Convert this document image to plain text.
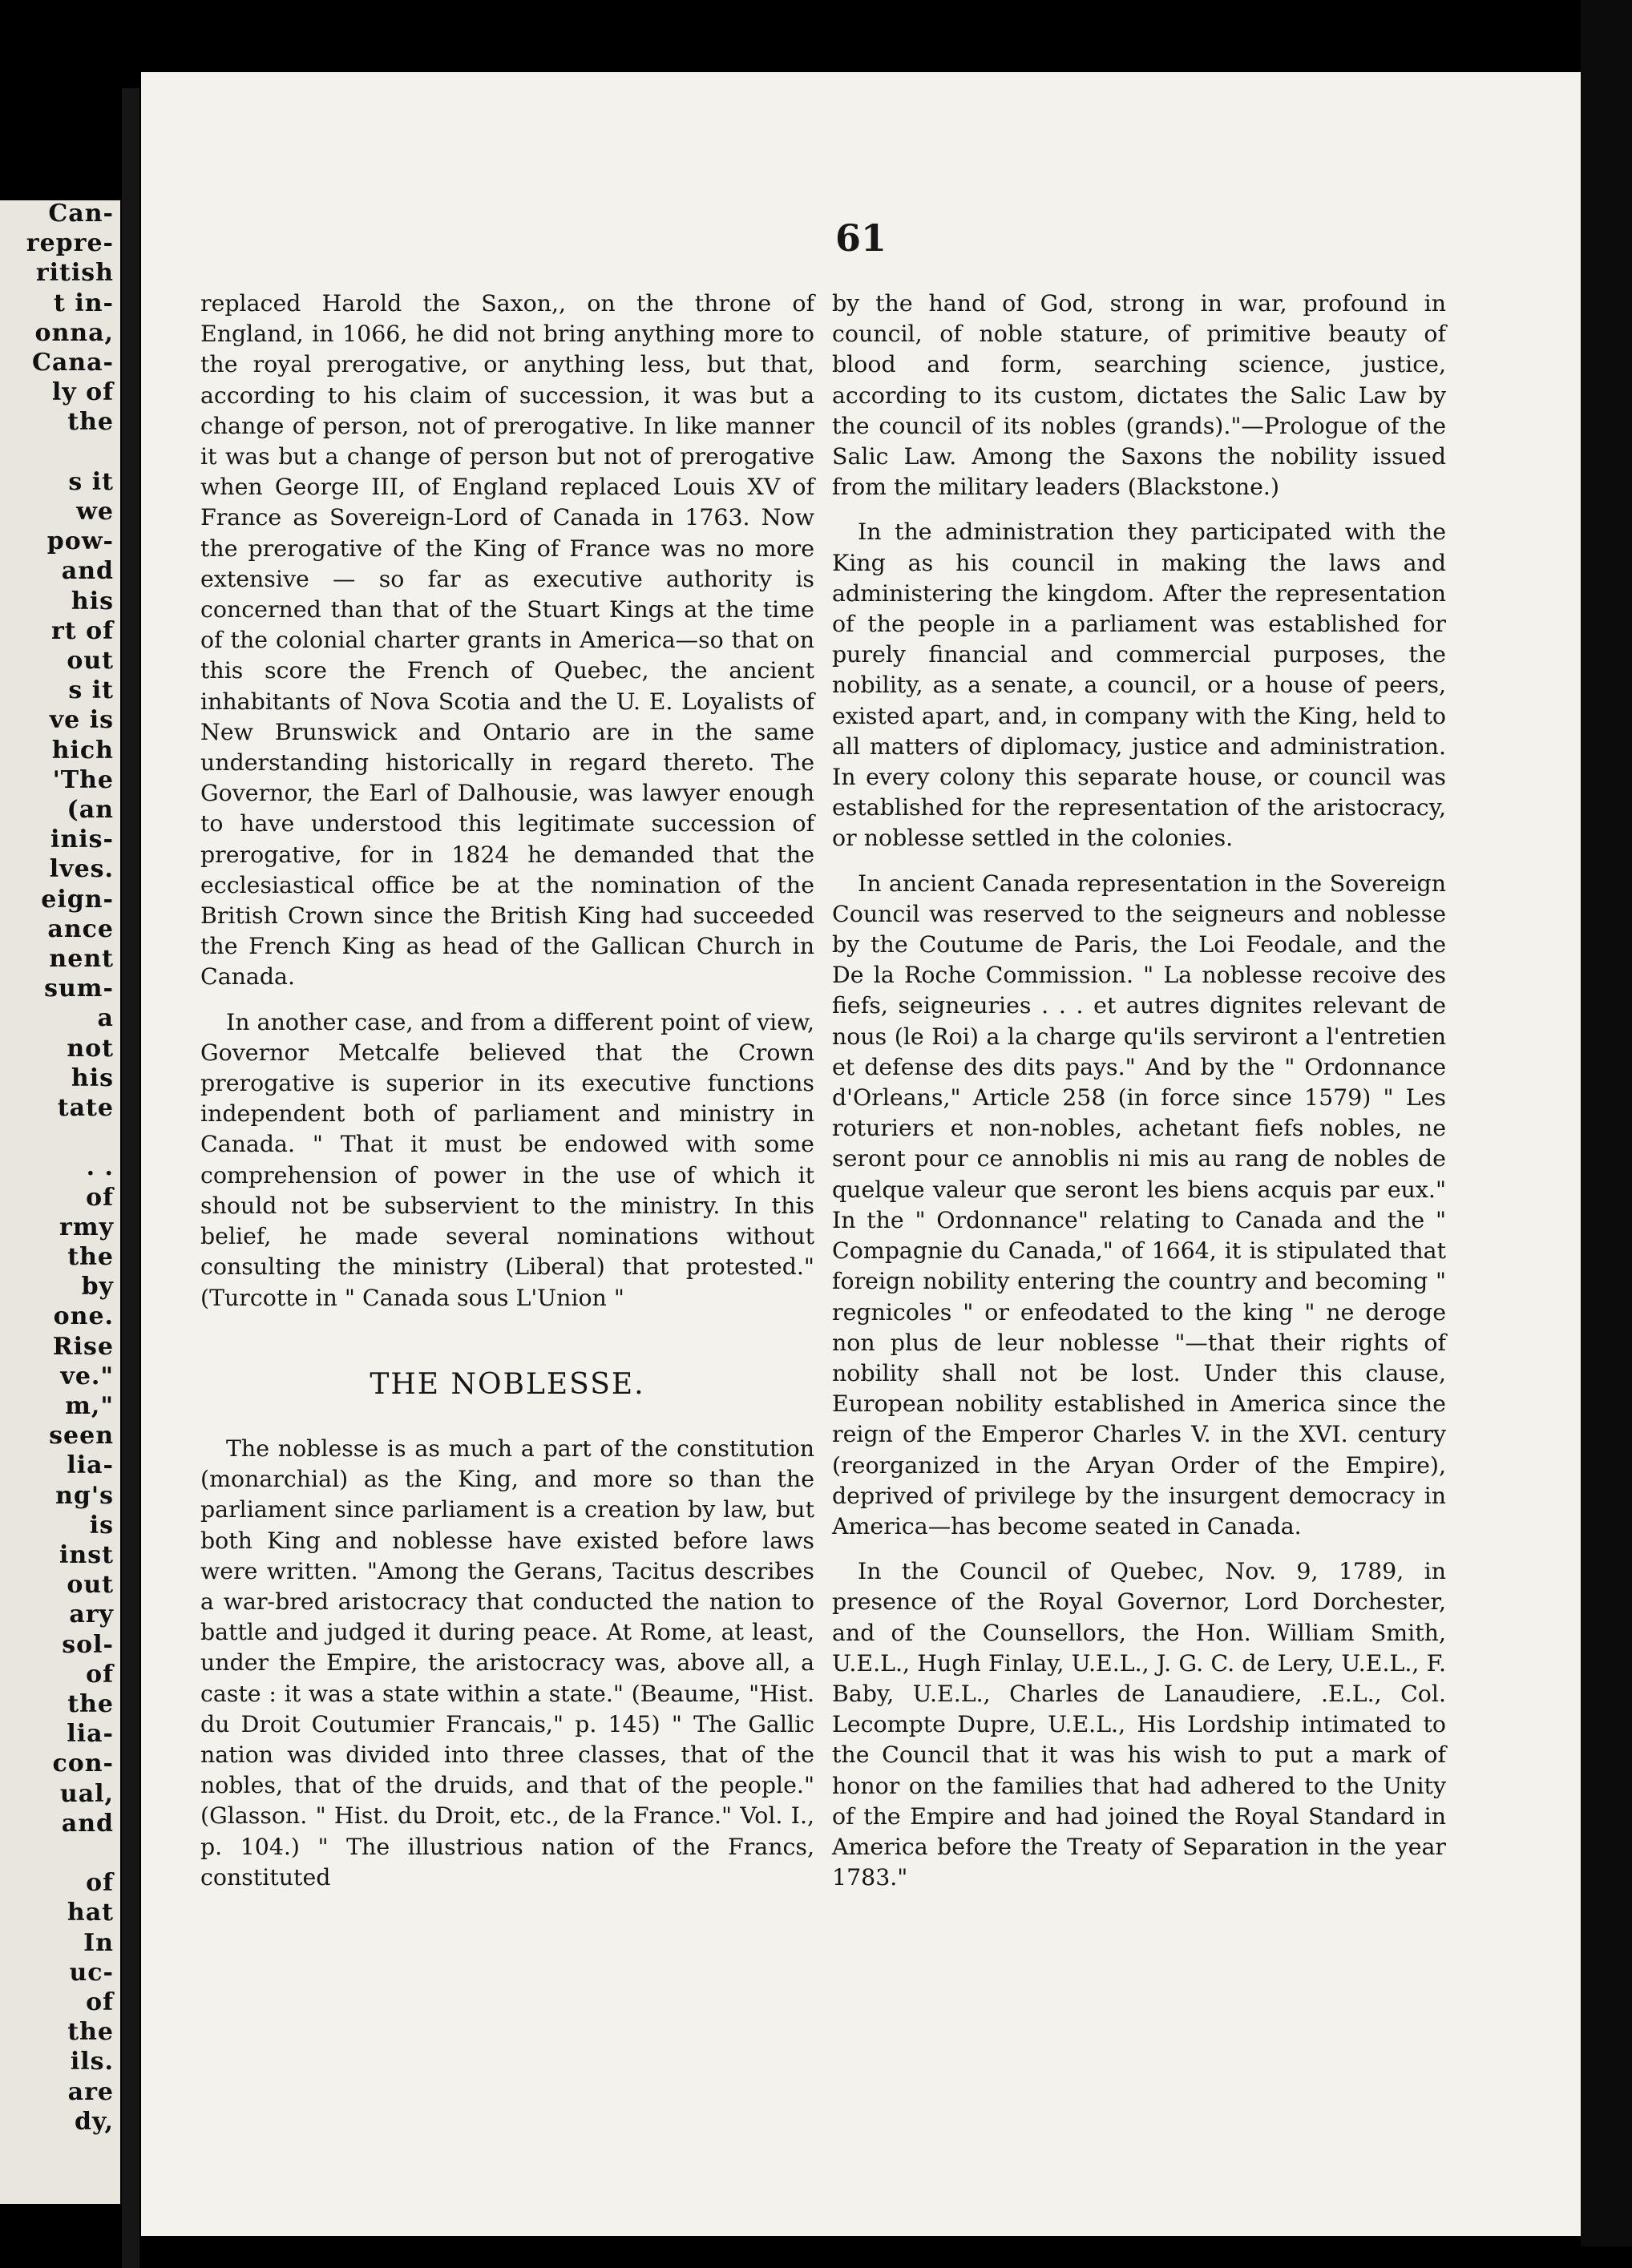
Can-
repre-
ritish
t in-
onna,
Cana-
ly of
the
s it
we
pow-
and
his
rt of
out
s it
ve is
hich
'The
(an
inis-
lves.
eign-
ance
nent
sum-
a
not
his
tate
. .
of
rmy
the
by
one.
Rise
ve."
m,"
seen
lia-
ng's
is
inst
out
ary
sol-
of
the
lia-
con-
ual,
and
of
hat
In
uc-
of
the
ils.
are
dy,
61

replaced Harold the Saxon,, on the throne of England, in 1066, he did not bring anything more to the royal prerogative, or anything less, but that, according to his claim of succession, it was but a change of person, not of prerogative. In like manner it was but a change of person but not of prerogative when George III, of England replaced Louis XV of France as Sovereign-Lord of Canada in 1763. Now the prerogative of the King of France was no more extensive — so far as executive authority is concerned than that of the Stuart Kings at the time of the colonial charter grants in America—so that on this score the French of Quebec, the ancient inhabitants of Nova Scotia and the U. E. Loyalists of New Brunswick and Ontario are in the same understanding historically in regard thereto. The Governor, the Earl of Dalhousie, was lawyer enough to have understood this legitimate succession of prerogative, for in 1824 he demanded that the ecclesiastical office be at the nomination of the British Crown since the British King had succeeded the French King as head of the Gallican Church in Canada.

In another case, and from a different point of view, Governor Metcalfe believed that the Crown prerogative is superior in its executive functions independent both of parliament and ministry in Canada. " That it must be endowed with some comprehension of power in the use of which it should not be subservient to the ministry. In this belief, he made several nominations without consulting the ministry (Liberal) that protested." (Turcotte in " Canada sous L'Union "

THE NOBLESSE.

The noblesse is as much a part of the constitution (monarchial) as the King, and more so than the parliament since parliament is a creation by law, but both King and noblesse have existed before laws were written. "Among the Gerans, Tacitus describes a war-bred aristocracy that conducted the nation to battle and judged it during peace. At Rome, at least, under the Empire, the aristocracy was, above all, a caste : it was a state within a state." (Beaume, "Hist. du Droit Coutumier Francais," p. 145) " The Gallic nation was divided into three classes, that of the nobles, that of the druids, and that of the people." (Glasson. " Hist. du Droit, etc., de la France." Vol. I., p. 104.) " The illustrious nation of the Francs, constituted

by the hand of God, strong in war, profound in council, of noble stature, of primitive beauty of blood and form, searching science, justice, according to its custom, dictates the Salic Law by the council of its nobles (grands)."—Prologue of the Salic Law. Among the Saxons the nobility issued from the military leaders (Blackstone.)

In the administration they participated with the King as his council in making the laws and administering the kingdom. After the representation of the people in a parliament was established for purely financial and commercial purposes, the nobility, as a senate, a council, or a house of peers, existed apart, and, in company with the King, held to all matters of diplomacy, justice and administration. In every colony this separate house, or council was established for the representation of the aristocracy, or noblesse settled in the colonies.

In ancient Canada representation in the Sovereign Council was reserved to the seigneurs and noblesse by the Coutume de Paris, the Loi Feodale, and the De la Roche Commission. " La noblesse recoive des fiefs, seigneuries . . . et autres dignites relevant de nous (le Roi) a la charge qu'ils serviront a l'entretien et defense des dits pays." And by the " Ordonnance d'Orleans," Article 258 (in force since 1579) " Les roturiers et non-nobles, achetant fiefs nobles, ne seront pour ce annoblis ni mis au rang de nobles de quelque valeur que seront les biens acquis par eux." In the " Ordonnance" relating to Canada and the " Compagnie du Canada," of 1664, it is stipulated that foreign nobility entering the country and becoming " regnicoles " or enfeodated to the king " ne deroge non plus de leur noblesse "—that their rights of nobility shall not be lost. Under this clause, European nobility established in America since the reign of the Emperor Charles V. in the XVI. century (reorganized in the Aryan Order of the Empire), deprived of privilege by the insurgent democracy in America—has become seated in Canada.

In the Council of Quebec, Nov. 9, 1789, in presence of the Royal Governor, Lord Dorchester, and of the Counsellors, the Hon. William Smith, U.E.L., Hugh Finlay, U.E.L., J. G. C. de Lery, U.E.L., F. Baby, U.E.L., Charles de Lanaudiere, .E.L., Col. Lecompte Dupre, U.E.L., His Lordship intimated to the Council that it was his wish to put a mark of honor on the families that had adhered to the Unity of the Empire and had joined the Royal Standard in America before the Treaty of Separation in the year 1783."
